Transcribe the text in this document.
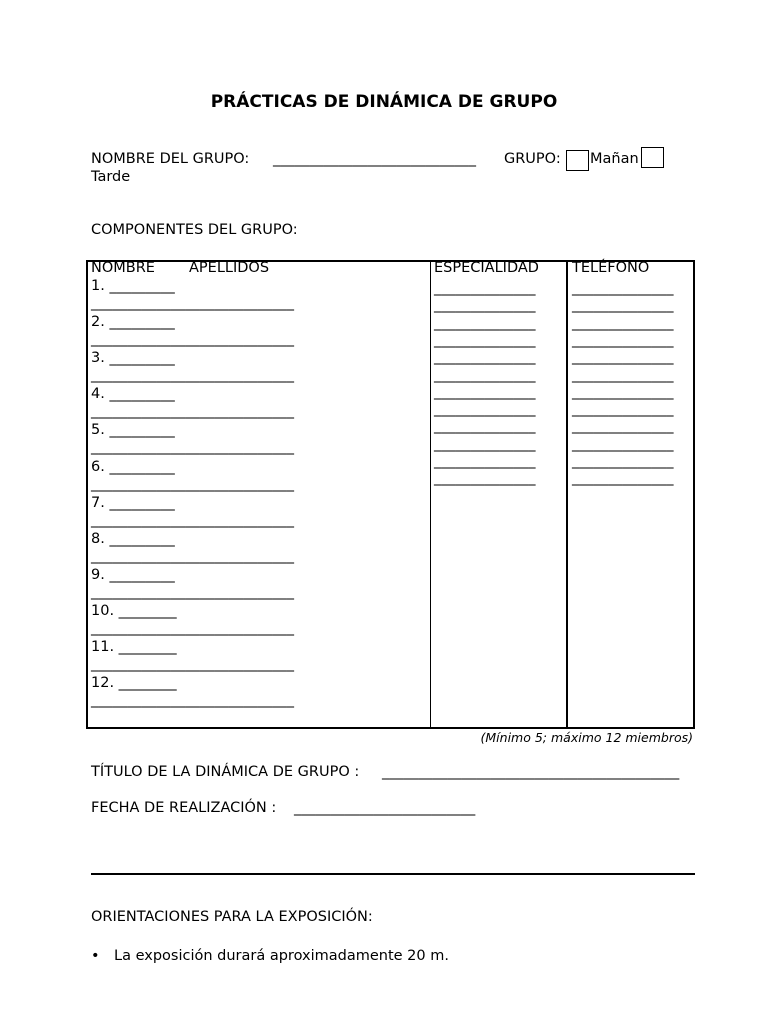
PRÁCTICAS DE DINÁMICA DE GRUPO
NOMBRE DEL GRUPO: ____________________________ GRUPO: Mañan
Tarde
COMPONENTES DEL GRUPO:
NOMBRE APELLIDOS	ESPECIALIDAD TELÉFONO
1. _________
____________________________
2. _________
____________________________
3. _________
____________________________
4. _________
____________________________
5. _________
____________________________
6. _________
____________________________
7. _________
____________________________
8. _________
____________________________
9. _________
____________________________
10. ________
____________________________
11. ________
____________________________
12. ________
____________________________
______________
______________
______________
______________
______________
______________
______________
______________
______________
______________
______________
______________
______________
______________
______________
______________
______________
______________
______________
______________
______________
______________
______________
______________
(Mínimo 5; máximo 12 miembros)
TÍTULO DE LA DINÁMICA DE GRUPO : _________________________________________
FECHA DE REALIZACIÓN : _________________________
ORIENTACIONES PARA LA EXPOSICIÓN:
• La exposición durará aproximadamente 20 m.
